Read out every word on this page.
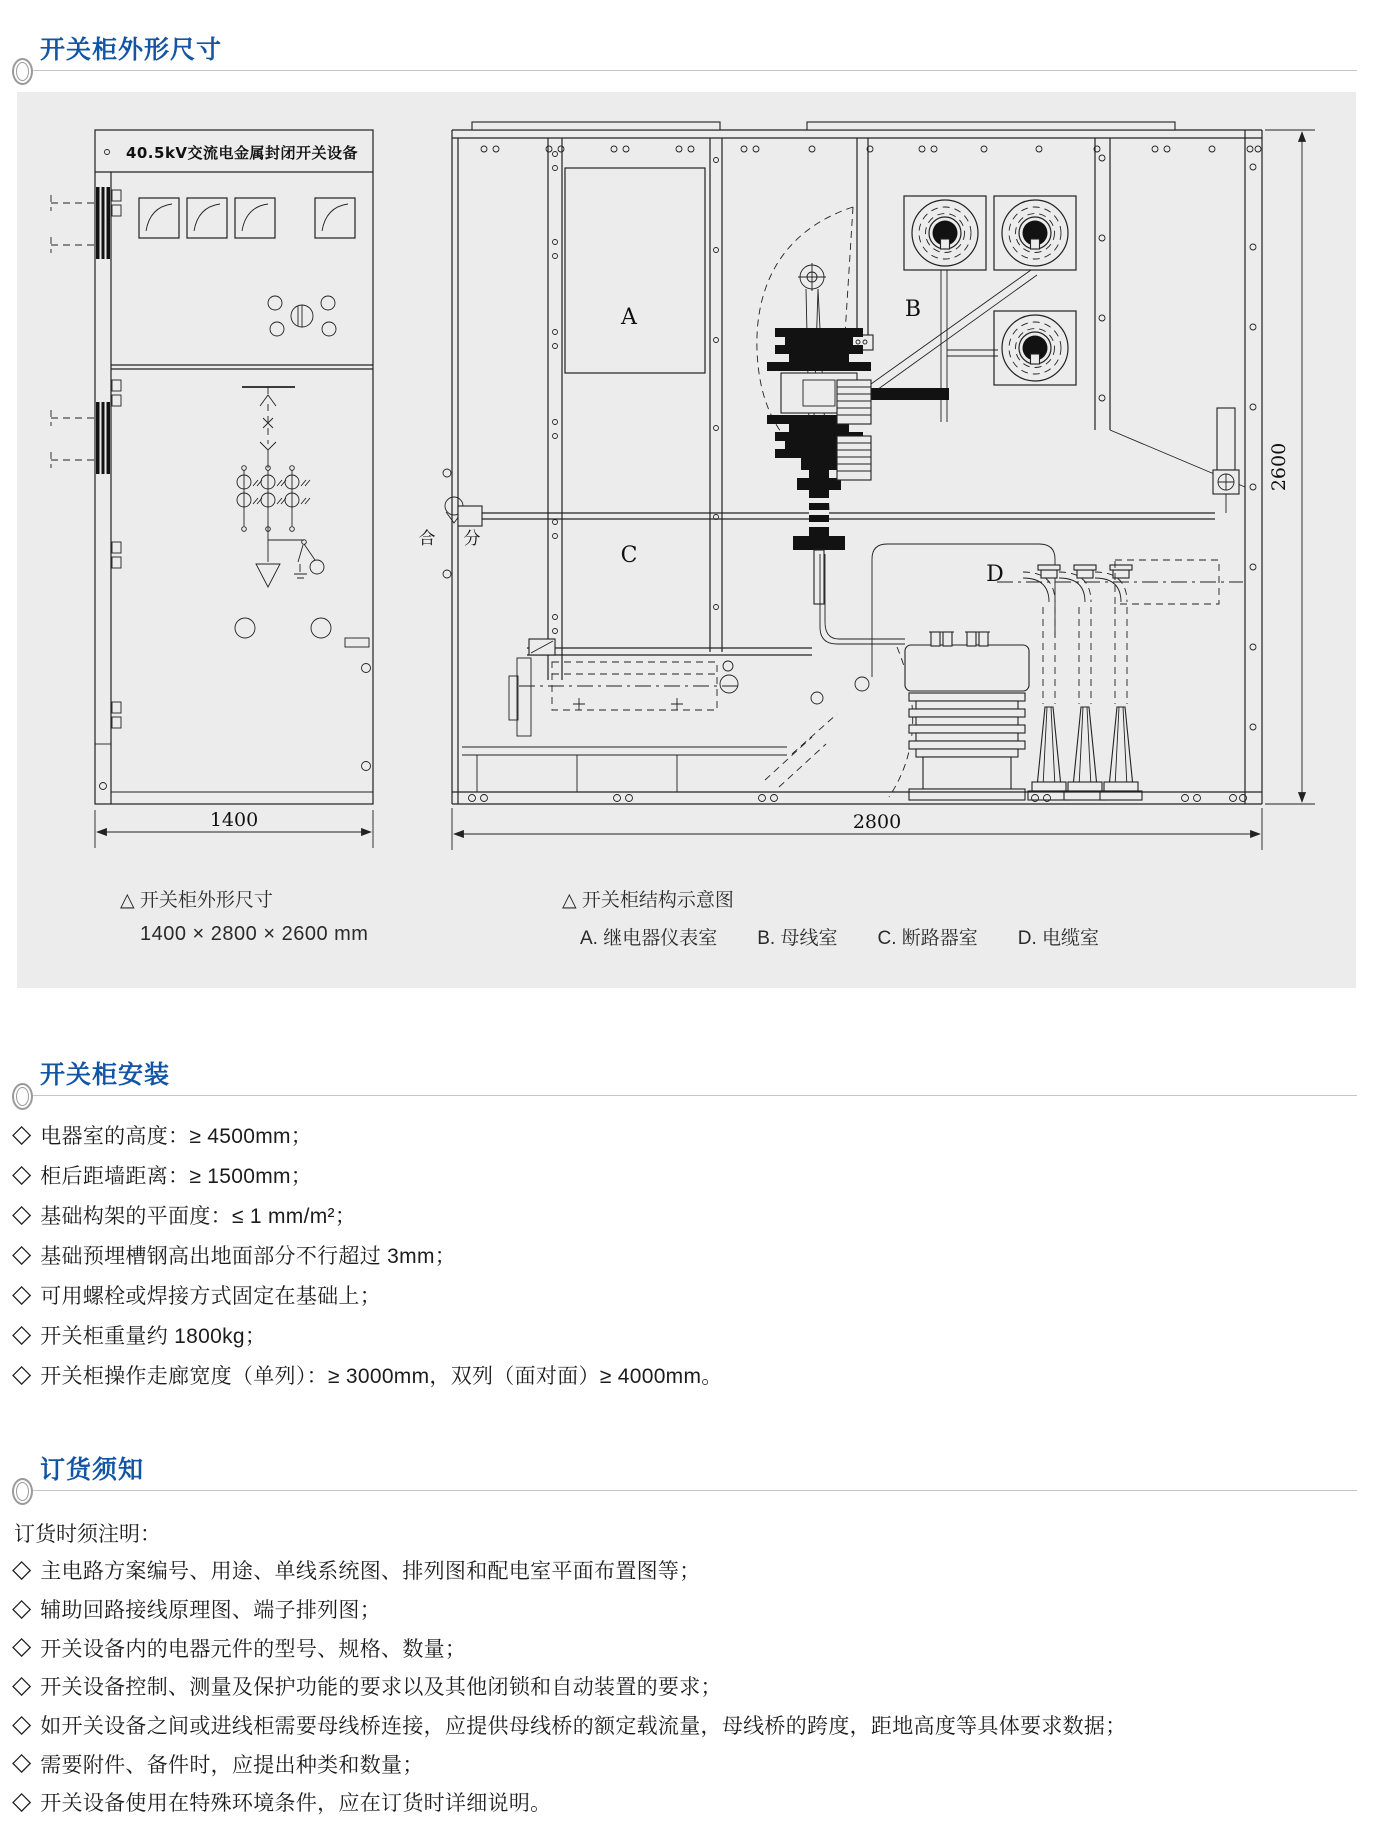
开关柜外形尺寸
40.5kV交流电金属封闭开关设备
1400
合 分
A
C
B
D
2800
2600
△ 开关柜外形尺寸
1400 × 2800 × 2600 mm
△ 开关柜结构示意图
A. 继电器仪表室 B. 母线室 C. 断路器室 D. 电缆室
开关柜安装
◇ 电器室的高度：≥ 4500mm；
◇ 柜后距墙距离：≥ 1500mm；
◇ 基础构架的平面度：≤ 1 mm/m²；
◇ 基础预埋槽钢高出地面部分不行超过 3mm；
◇ 可用螺栓或焊接方式固定在基础上；
◇ 开关柜重量约 1800kg；
◇ 开关柜操作走廊宽度（单列）：≥ 3000mm，双列（面对面）≥ 4000mm。
订货须知
订货时须注明：
◇ 主电路方案编号、用途、单线系统图、排列图和配电室平面布置图等；
◇ 辅助回路接线原理图、端子排列图；
◇ 开关设备内的电器元件的型号、规格、数量；
◇ 开关设备控制、测量及保护功能的要求以及其他闭锁和自动装置的要求；
◇ 如开关设备之间或进线柜需要母线桥连接，应提供母线桥的额定载流量，母线桥的跨度，距地高度等具体要求数据；
◇ 需要附件、备件时，应提出种类和数量；
◇ 开关设备使用在特殊环境条件，应在订货时详细说明。
